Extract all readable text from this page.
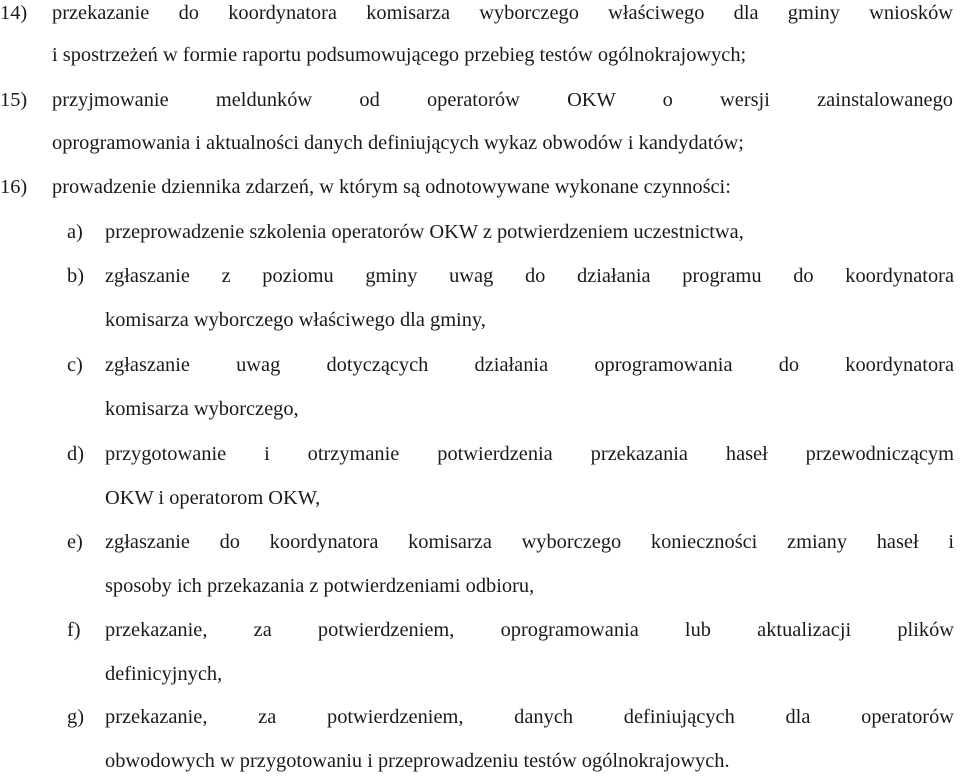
14) przekazanie do koordynatora komisarza wyborczego właściwego dla gminy wniosków
i spostrzeżeń w formie raportu podsumowującego przebieg testów ogólnokrajowych;
15) przyjmowanie meldunków od operatorów OKW o wersji zainstalowanego
oprogramowania i aktualności danych definiujących wykaz obwodów i kandydatów;
16) prowadzenie dziennika zdarzeń, w którym są odnotowywane wykonane czynności:
a) przeprowadzenie szkolenia operatorów OKW z potwierdzeniem uczestnictwa,
b) zgłaszanie z poziomu gminy uwag do działania programu do koordynatora
komisarza wyborczego właściwego dla gminy,
c) zgłaszanie uwag dotyczących działania oprogramowania do koordynatora
komisarza wyborczego,
d) przygotowanie i otrzymanie potwierdzenia przekazania haseł przewodniczącym
OKW i operatorom OKW,
e) zgłaszanie do koordynatora komisarza wyborczego konieczności zmiany haseł i
sposoby ich przekazania z potwierdzeniami odbioru,
f) przekazanie, za potwierdzeniem, oprogramowania lub aktualizacji plików
definicyjnych,
g) przekazanie, za potwierdzeniem, danych definiujących dla operatorów
obwodowych w przygotowaniu i przeprowadzeniu testów ogólnokrajowych.
